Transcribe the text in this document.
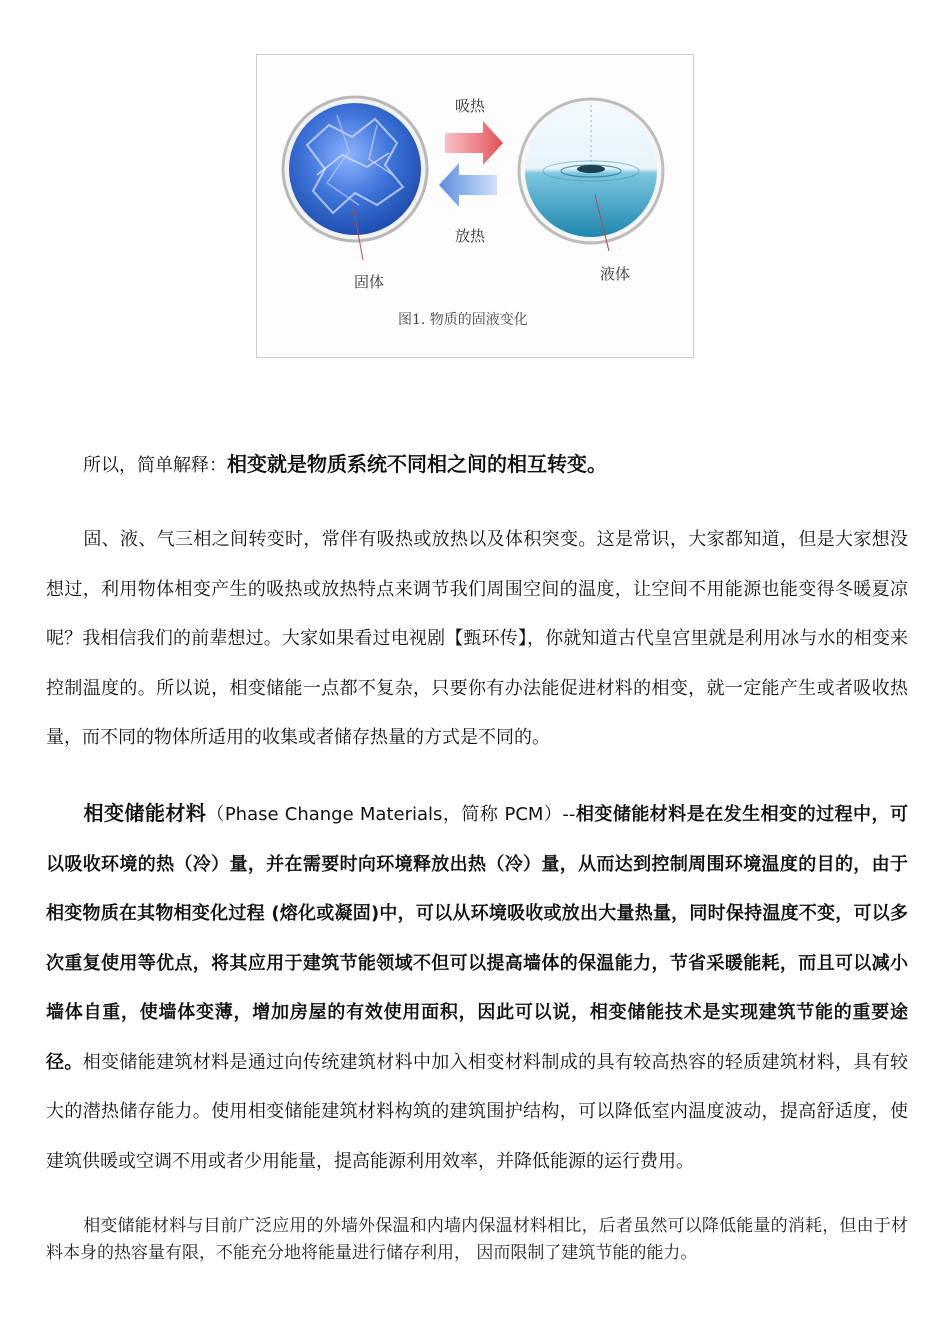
吸热
放热
固体	液体
图1. 物质的固液变化

所以，简单解释：相变就是物质系统不同相之间的相互转变。

固、液、气三相之间转变时，常伴有吸热或放热以及体积突变。这是常识，大家都知道，但是大家想没想过，利用物体相变产生的吸热或放热特点来调节我们周围空间的温度，让空间不用能源也能变得冬暖夏凉呢？我相信我们的前辈想过。大家如果看过电视剧【甄环传】，你就知道古代皇宫里就是利用冰与水的相变来控制温度的。所以说，相变储能一点都不复杂，只要你有办法能促进材料的相变，就一定能产生或者吸收热量，而不同的物体所适用的收集或者储存热量的方式是不同的。

相变储能材料（Phase Change Materials，简称 PCM）--相变储能材料是在发生相变的过程中，可以吸收环境的热（冷）量，并在需要时向环境释放出热（冷）量，从而达到控制周围环境温度的目的，由于相变物质在其物相变化过程 (熔化或凝固)中，可以从环境吸收或放出大量热量，同时保持温度不变，可以多次重复使用等优点，将其应用于建筑节能领域不但可以提高墙体的保温能力，节省采暖能耗，而且可以减小墙体自重，使墙体变薄，增加房屋的有效使用面积，因此可以说，相变储能技术是实现建筑节能的重要途径。相变储能建筑材料是通过向传统建筑材料中加入相变材料制成的具有较高热容的轻质建筑材料，具有较大的潜热储存能力。使用相变储能建筑材料构筑的建筑围护结构，可以降低室内温度波动，提高舒适度，使建筑供暖或空调不用或者少用能量，提高能源利用效率，并降低能源的运行费用。

相变储能材料与目前广泛应用的外墙外保温和内墙内保温材料相比，后者虽然可以降低能量的消耗，但由于材料本身的热容量有限，不能充分地将能量进行储存利用， 因而限制了建筑节能的能力。
